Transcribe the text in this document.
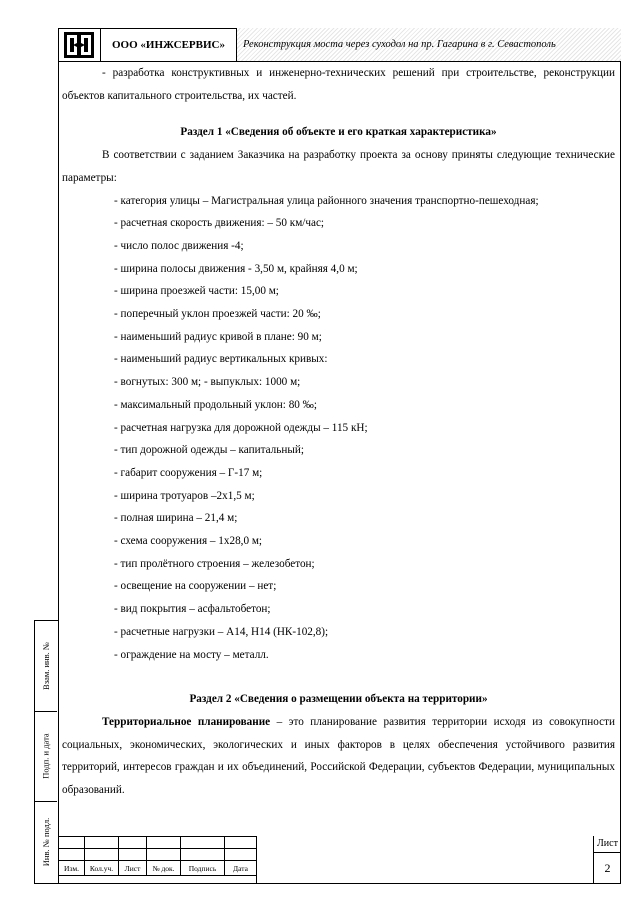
ООО «ИНЖСЕРВИС»	Реконструкция моста через суходол на пр. Гагарина в г. Севастополь

- разработка конструктивных и инженерно-технических решений при строительстве, реконструкции объектов капитального строительства, их частей.

Раздел 1 «Сведения об объекте и его краткая характеристика»

В соответствии с заданием Заказчика на разработку проекта за основу приняты следующие технические параметры:

- категория улицы – Магистральная улица районного значения транспортно-пешеходная;

- расчетная скорость движения: – 50 км/час;

- число полос движения -4;

- ширина полосы движения - 3,50 м, крайняя 4,0 м;

- ширина проезжей части: 15,00 м;

- поперечный уклон проезжей части: 20 ‰;

- наименьший радиус кривой в плане: 90 м;

- наименьший радиус вертикальных кривых:

- вогнутых: 300 м; - выпуклых: 1000 м;

- максимальный продольный уклон: 80 ‰;

- расчетная нагрузка для дорожной одежды – 115 кН;

- тип дорожной одежды – капитальный;

- габарит сооружения – Г-17 м;

- ширина тротуаров –2х1,5 м;

- полная ширина – 21,4 м;

- схема сооружения – 1х28,0 м;

- тип пролётного строения – железобетон;

- освещение на сооружении – нет;

- вид покрытия – асфальтобетон;

- расчетные нагрузки – А14, Н14 (НК-102,8);

- ограждение на мосту – металл.

Раздел 2 «Сведения о размещении объекта на территории»

Территориальное планирование – это планирование развития территории исходя из совокупности социальных, экономических, экологических и иных факторов в целях обеспечения устойчивого развития территорий, интересов граждан и их объединений, Российской Федерации, субъектов Федерации, муниципальных образований.

Взам. инв. №
Подп. и дата
Инв. № подл.

Изм.	Кол.уч.	Лист	№ док.	Подпись	Дата
Лист
2
